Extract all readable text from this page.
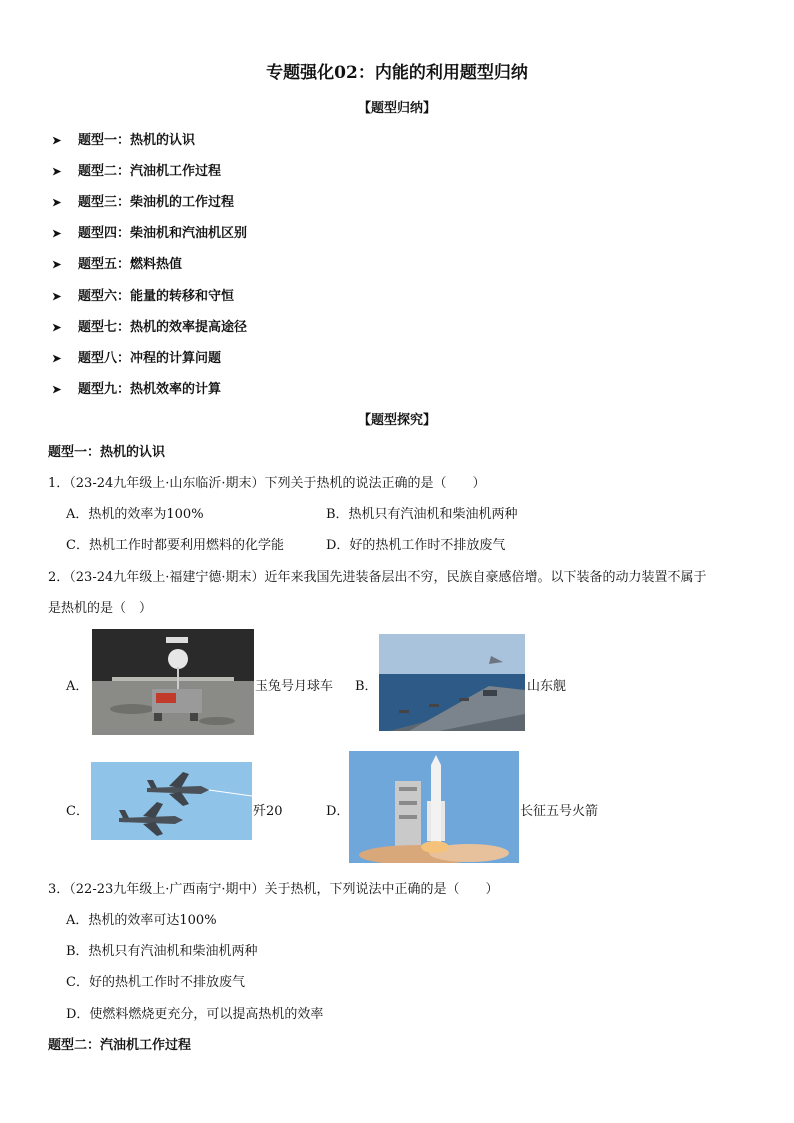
专题强化02：内能的利用题型归纳
【题型归纳】
➤ 题型一：热机的认识
➤ 题型二：汽油机工作过程
➤ 题型三：柴油机的工作过程
➤ 题型四：柴油机和汽油机区别
➤ 题型五：燃料热值
➤ 题型六：能量的转移和守恒
➤ 题型七：热机的效率提高途径
➤ 题型八：冲程的计算问题
➤ 题型九：热机效率的计算
【题型探究】
题型一：热机的认识
1．（23-24九年级上·山东临沂·期末）下列关于热机的说法正确的是（　　）
A．热机的效率为100%	B．热机只有汽油机和柴油机两种
C．热机工作时都要利用燃料的化学能	D．好的热机工作时不排放废气
2．（23-24九年级上·福建宁德·期末）近年来我国先进装备层出不穷，民族自豪感倍增。以下装备的动力装置不属于
是热机的是（　）
A．	玉兔号月球车 B．	山东舰
C．	歼20	D．	长征五号火箭
3．（22-23九年级上·广西南宁·期中）关于热机，下列说法中正确的是（　　）
A．热机的效率可达100%
B．热机只有汽油机和柴油机两种
C．好的热机工作时不排放废气
D．使燃料燃烧更充分，可以提高热机的效率
题型二：汽油机工作过程
